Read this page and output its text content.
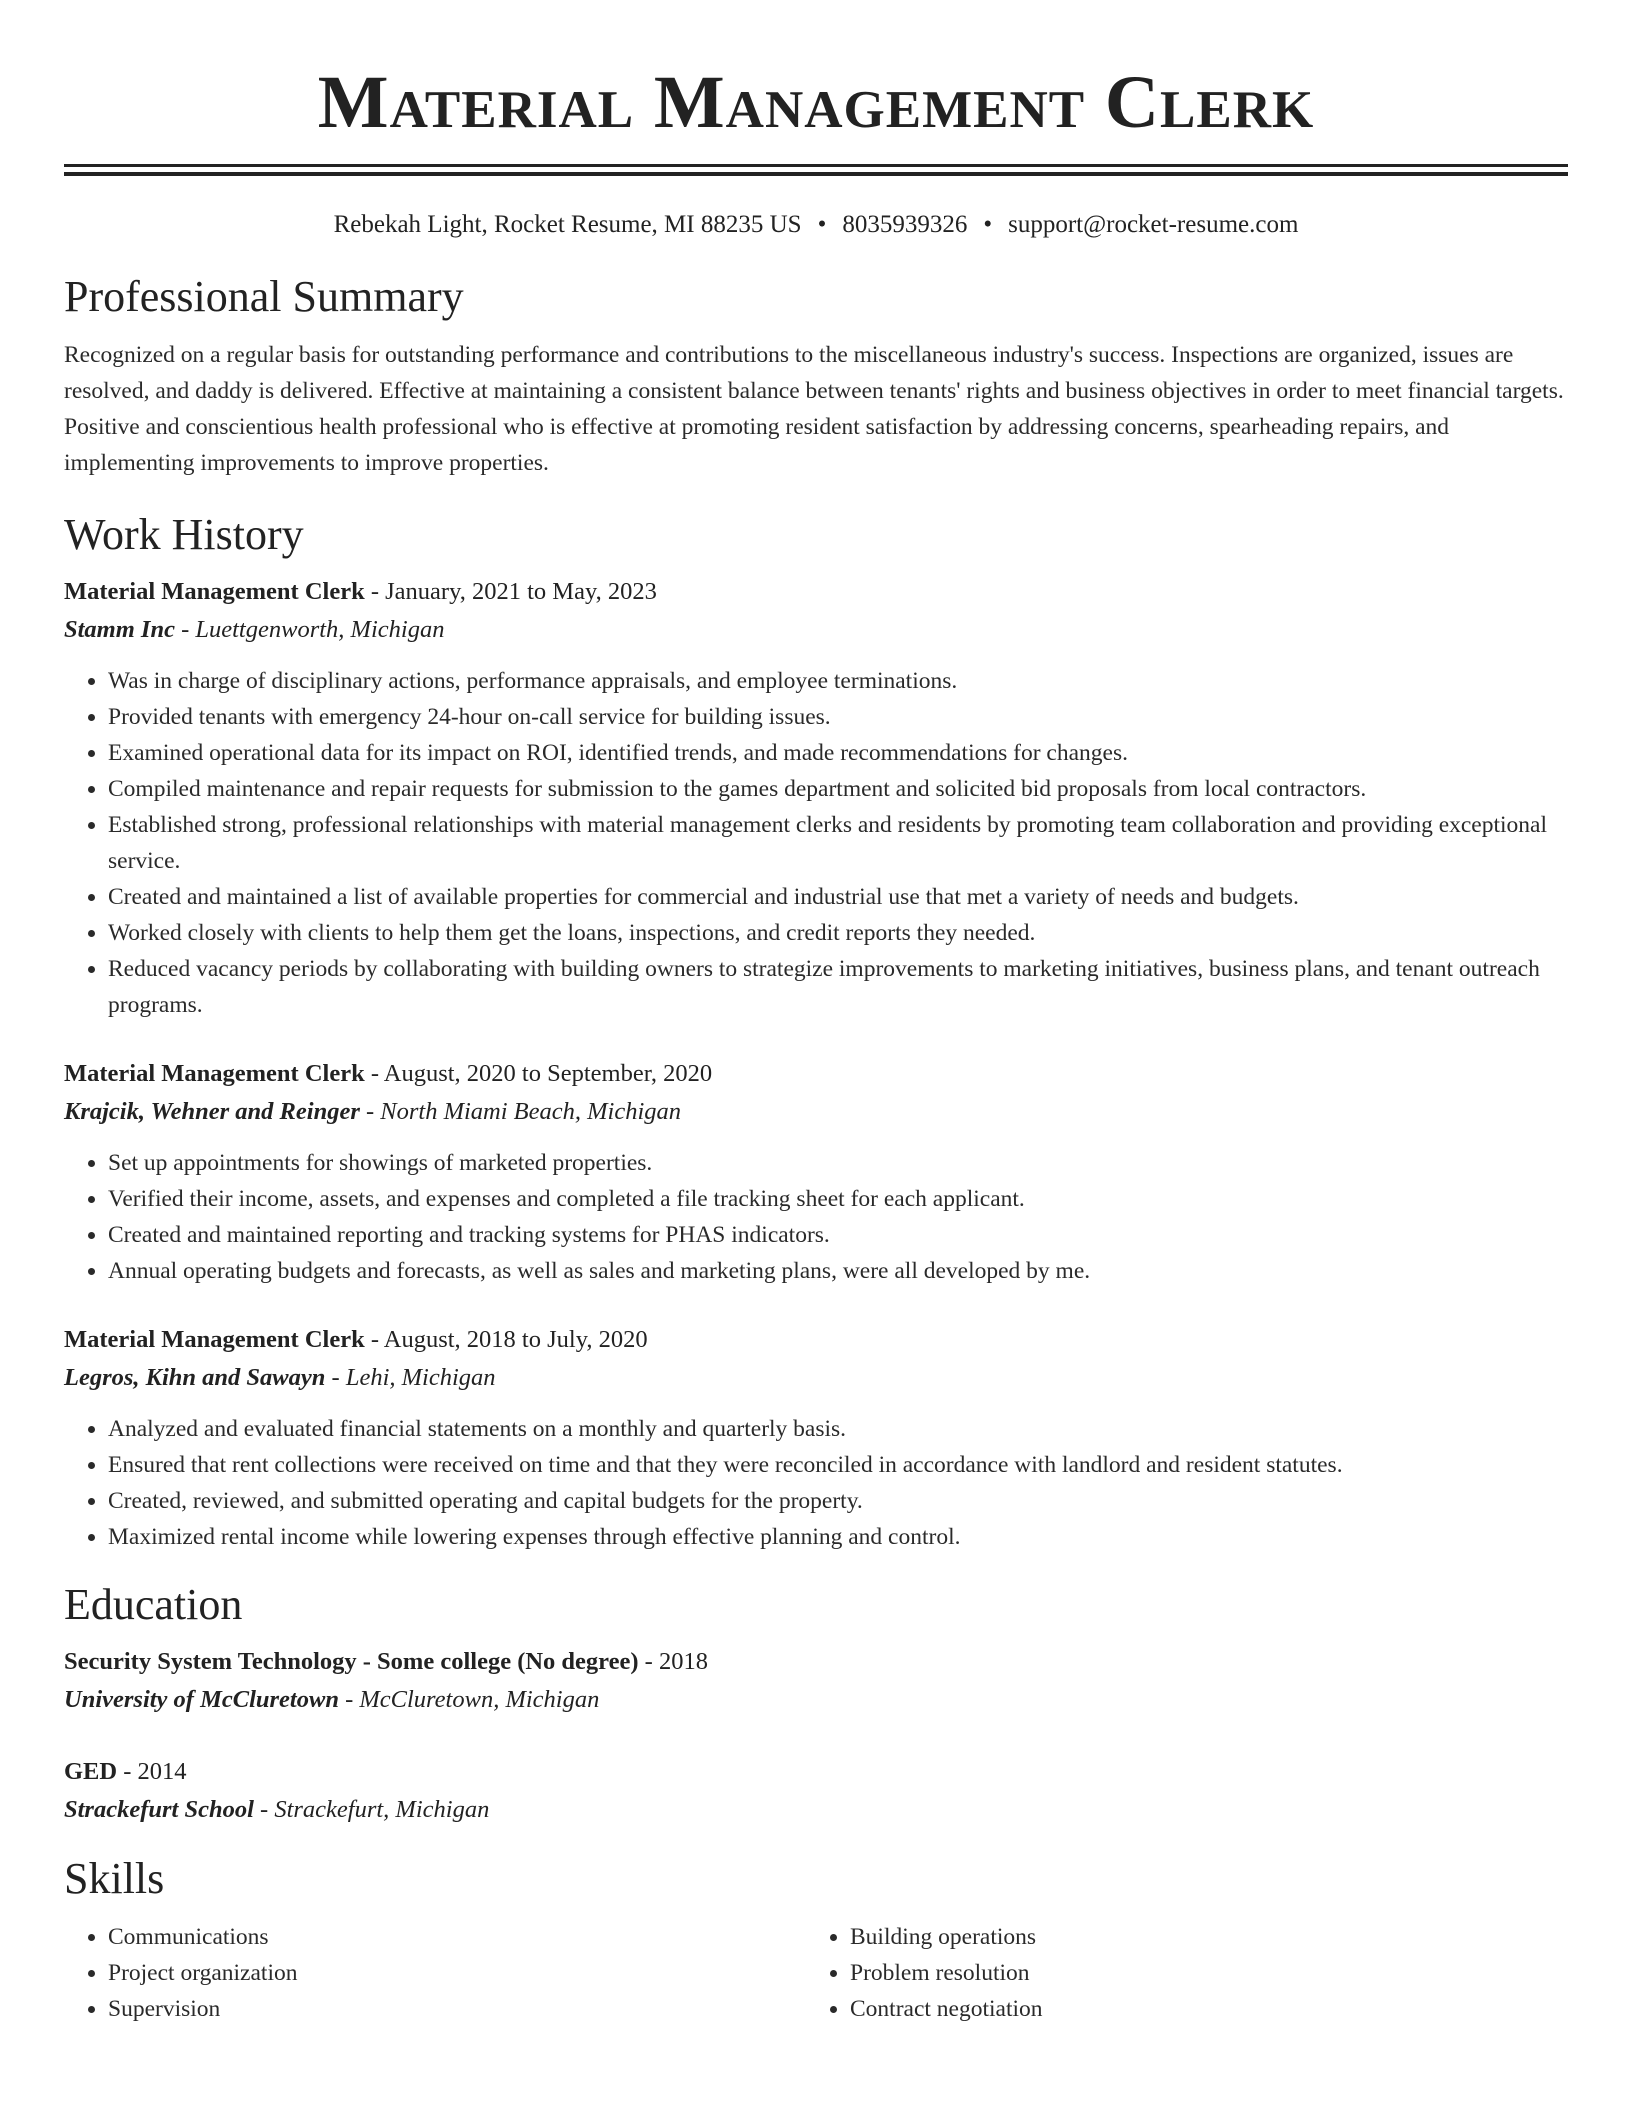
Material Management Clerk
Rebekah Light, Rocket Resume, MI 88235 US • 8035939326 • support@rocket-resume.com
Professional Summary
Recognized on a regular basis for outstanding performance and contributions to the miscellaneous industry's success. Inspections are organized, issues are resolved, and daddy is delivered. Effective at maintaining a consistent balance between tenants' rights and business objectives in order to meet financial targets. Positive and conscientious health professional who is effective at promoting resident satisfaction by addressing concerns, spearheading repairs, and implementing improvements to improve properties.
Work History
Material Management Clerk - January, 2021 to May, 2023
Stamm Inc - Luettgenworth, Michigan
• Was in charge of disciplinary actions, performance appraisals, and employee terminations.
• Provided tenants with emergency 24-hour on-call service for building issues.
• Examined operational data for its impact on ROI, identified trends, and made recommendations for changes.
• Compiled maintenance and repair requests for submission to the games department and solicited bid proposals from local contractors.
• Established strong, professional relationships with material management clerks and residents by promoting team collaboration and providing exceptional service.
• Created and maintained a list of available properties for commercial and industrial use that met a variety of needs and budgets.
• Worked closely with clients to help them get the loans, inspections, and credit reports they needed.
• Reduced vacancy periods by collaborating with building owners to strategize improvements to marketing initiatives, business plans, and tenant outreach programs.
Material Management Clerk - August, 2020 to September, 2020
Krajcik, Wehner and Reinger - North Miami Beach, Michigan
• Set up appointments for showings of marketed properties.
• Verified their income, assets, and expenses and completed a file tracking sheet for each applicant.
• Created and maintained reporting and tracking systems for PHAS indicators.
• Annual operating budgets and forecasts, as well as sales and marketing plans, were all developed by me.
Material Management Clerk - August, 2018 to July, 2020
Legros, Kihn and Sawayn - Lehi, Michigan
• Analyzed and evaluated financial statements on a monthly and quarterly basis.
• Ensured that rent collections were received on time and that they were reconciled in accordance with landlord and resident statutes.
• Created, reviewed, and submitted operating and capital budgets for the property.
• Maximized rental income while lowering expenses through effective planning and control.
Education
Security System Technology - Some college (No degree) - 2018
University of McCluretown - McCluretown, Michigan
GED - 2014
Strackefurt School - Strackefurt, Michigan
Skills
• Communications
• Project organization
• Supervision
• Building operations
• Problem resolution
• Contract negotiation
